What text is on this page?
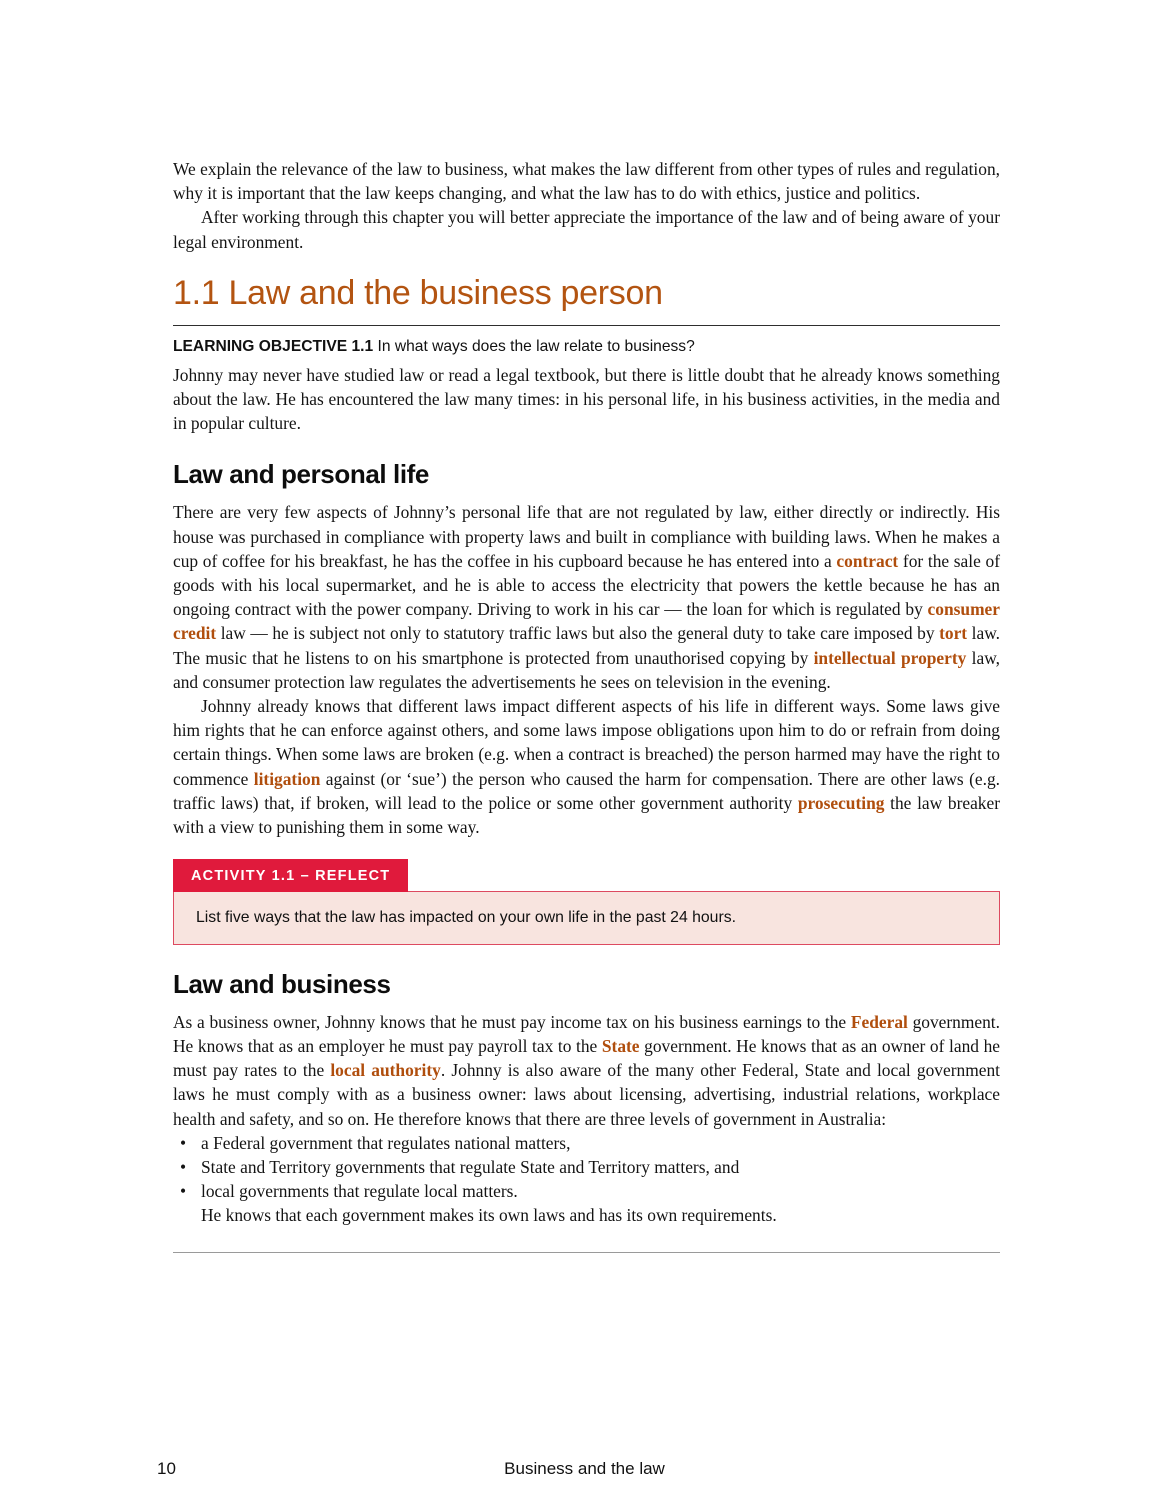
We explain the relevance of the law to business, what makes the law different from other types of rules and regulation, why it is important that the law keeps changing, and what the law has to do with ethics, justice and politics.

After working through this chapter you will better appreciate the importance of the law and of being aware of your legal environment.

1.1 Law and the business person

LEARNING OBJECTIVE 1.1 In what ways does the law relate to business?

Johnny may never have studied law or read a legal textbook, but there is little doubt that he already knows something about the law. He has encountered the law many times: in his personal life, in his business activities, in the media and in popular culture.

Law and personal life

There are very few aspects of Johnny’s personal life that are not regulated by law, either directly or indirectly. His house was purchased in compliance with property laws and built in compliance with building laws. When he makes a cup of coffee for his breakfast, he has the coffee in his cupboard because he has entered into a contract for the sale of goods with his local supermarket, and he is able to access the electricity that powers the kettle because he has an ongoing contract with the power company. Driving to work in his car — the loan for which is regulated by consumer credit law — he is subject not only to statutory traffic laws but also the general duty to take care imposed by tort law. The music that he listens to on his smartphone is protected from unauthorised copying by intellectual property law, and consumer protection law regulates the advertisements he sees on television in the evening.

Johnny already knows that different laws impact different aspects of his life in different ways. Some laws give him rights that he can enforce against others, and some laws impose obligations upon him to do or refrain from doing certain things. When some laws are broken (e.g. when a contract is breached) the person harmed may have the right to commence litigation against (or ‘sue’) the person who caused the harm for compensation. There are other laws (e.g. traffic laws) that, if broken, will lead to the police or some other government authority prosecuting the law breaker with a view to punishing them in some way.

ACTIVITY 1.1 – REFLECT

List five ways that the law has impacted on your own life in the past 24 hours.

Law and business

As a business owner, Johnny knows that he must pay income tax on his business earnings to the Federal government. He knows that as an employer he must pay payroll tax to the State government. He knows that as an owner of land he must pay rates to the local authority. Johnny is also aware of the many other Federal, State and local government laws he must comply with as a business owner: laws about licensing, advertising, industrial relations, workplace health and safety, and so on. He therefore knows that there are three levels of government in Australia:

• a Federal government that regulates national matters,
• State and Territory governments that regulate State and Territory matters, and
• local governments that regulate local matters.

He knows that each government makes its own laws and has its own requirements.

10	Business and the law
